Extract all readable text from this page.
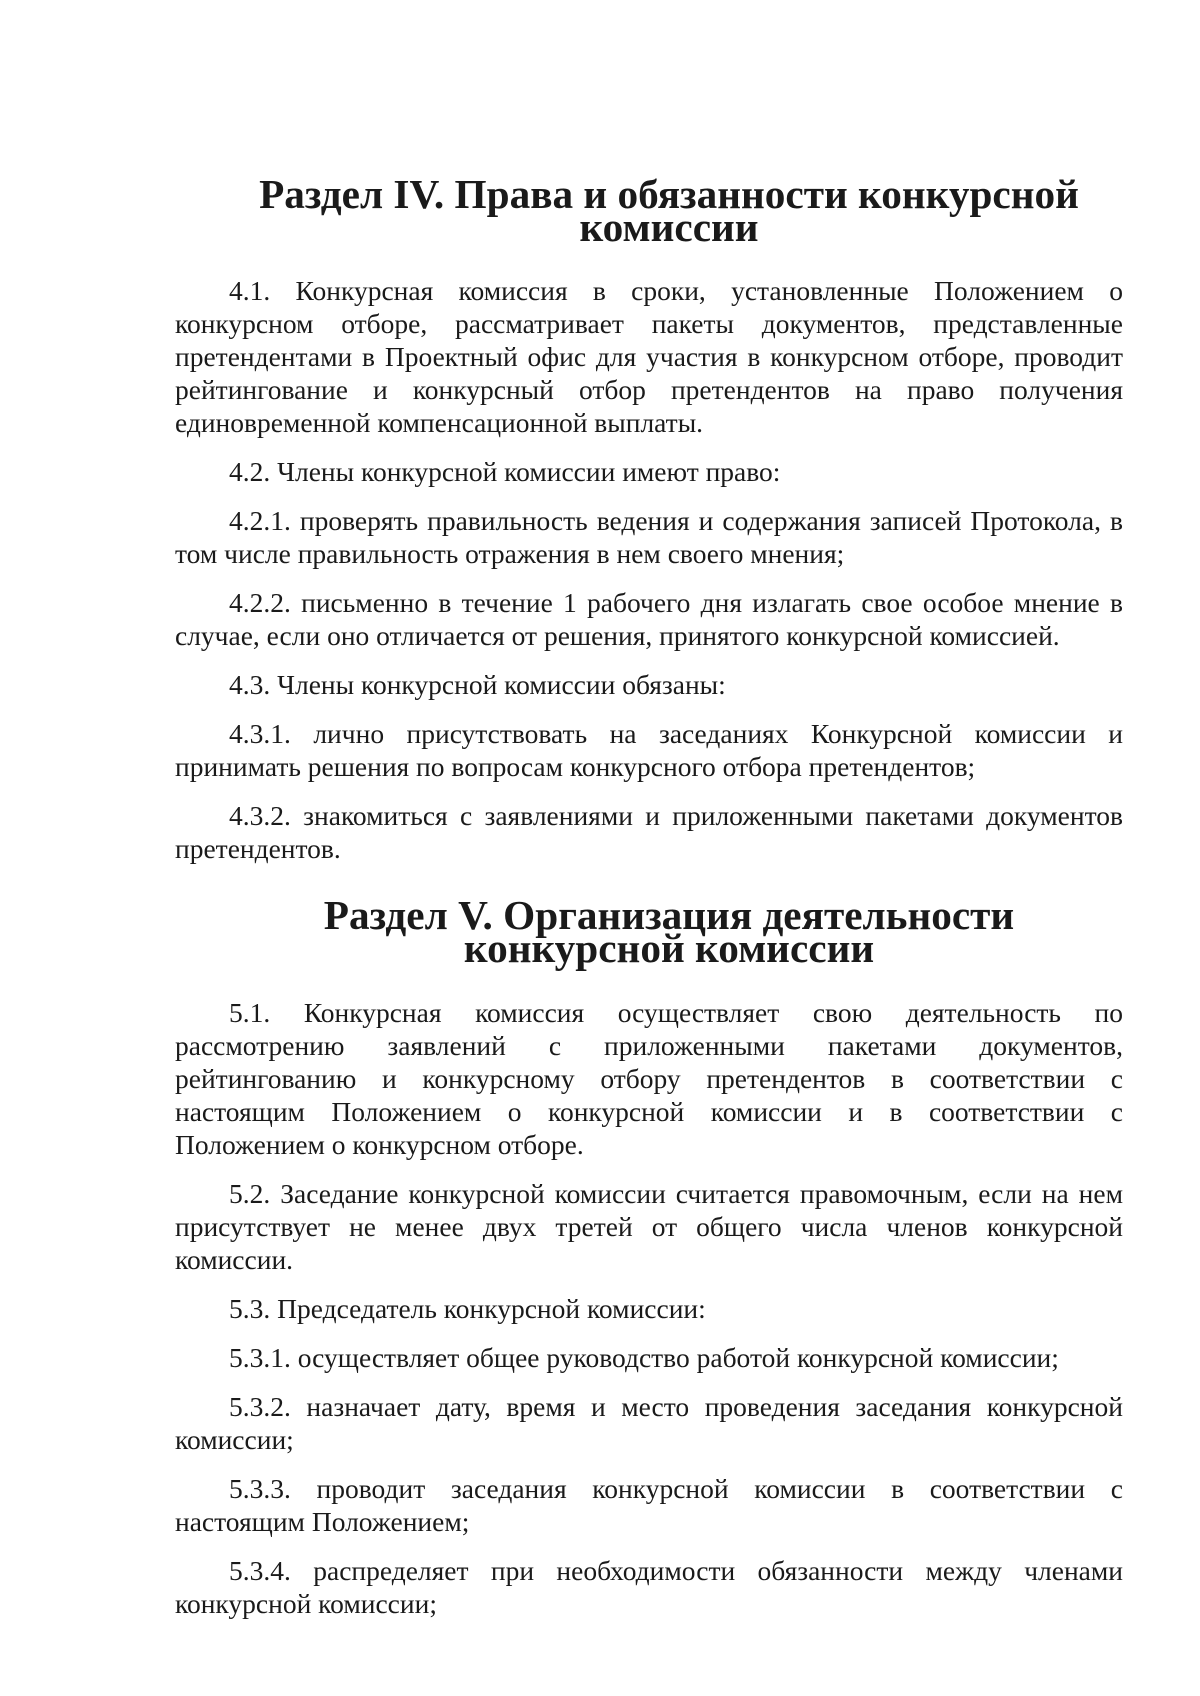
Раздел IV. Права и обязанности конкурсной комиссии

4.1. Конкурсная комиссия в сроки, установленные Положением о конкурсном отборе, рассматривает пакеты документов, представленные претендентами в Проектный офис для участия в конкурсном отборе, проводит рейтингование и конкурсный отбор претендентов на право получения единовременной компенсационной выплаты.

4.2. Члены конкурсной комиссии имеют право:

4.2.1. проверять правильность ведения и содержания записей Протокола, в том числе правильность отражения в нем своего мнения;

4.2.2. письменно в течение 1 рабочего дня излагать свое особое мнение в случае, если оно отличается от решения, принятого конкурсной комиссией.

4.3. Члены конкурсной комиссии обязаны:

4.3.1. лично присутствовать на заседаниях Конкурсной комиссии и принимать решения по вопросам конкурсного отбора претендентов;

4.3.2. знакомиться с заявлениями и приложенными пакетами документов претендентов.

Раздел V. Организация деятельности конкурсной комиссии

5.1. Конкурсная комиссия осуществляет свою деятельность по рассмотрению заявлений с приложенными пакетами документов, рейтингованию и конкурсному отбору претендентов в соответствии с настоящим Положением о конкурсной комиссии и в соответствии с Положением о конкурсном отборе.

5.2. Заседание конкурсной комиссии считается правомочным, если на нем присутствует не менее двух третей от общего числа членов конкурсной комиссии.

5.3. Председатель конкурсной комиссии:

5.3.1. осуществляет общее руководство работой конкурсной комиссии;

5.3.2. назначает дату, время и место проведения заседания конкурсной комиссии;

5.3.3. проводит заседания конкурсной комиссии в соответствии с настоящим Положением;

5.3.4. распределяет при необходимости обязанности между членами конкурсной комиссии;
